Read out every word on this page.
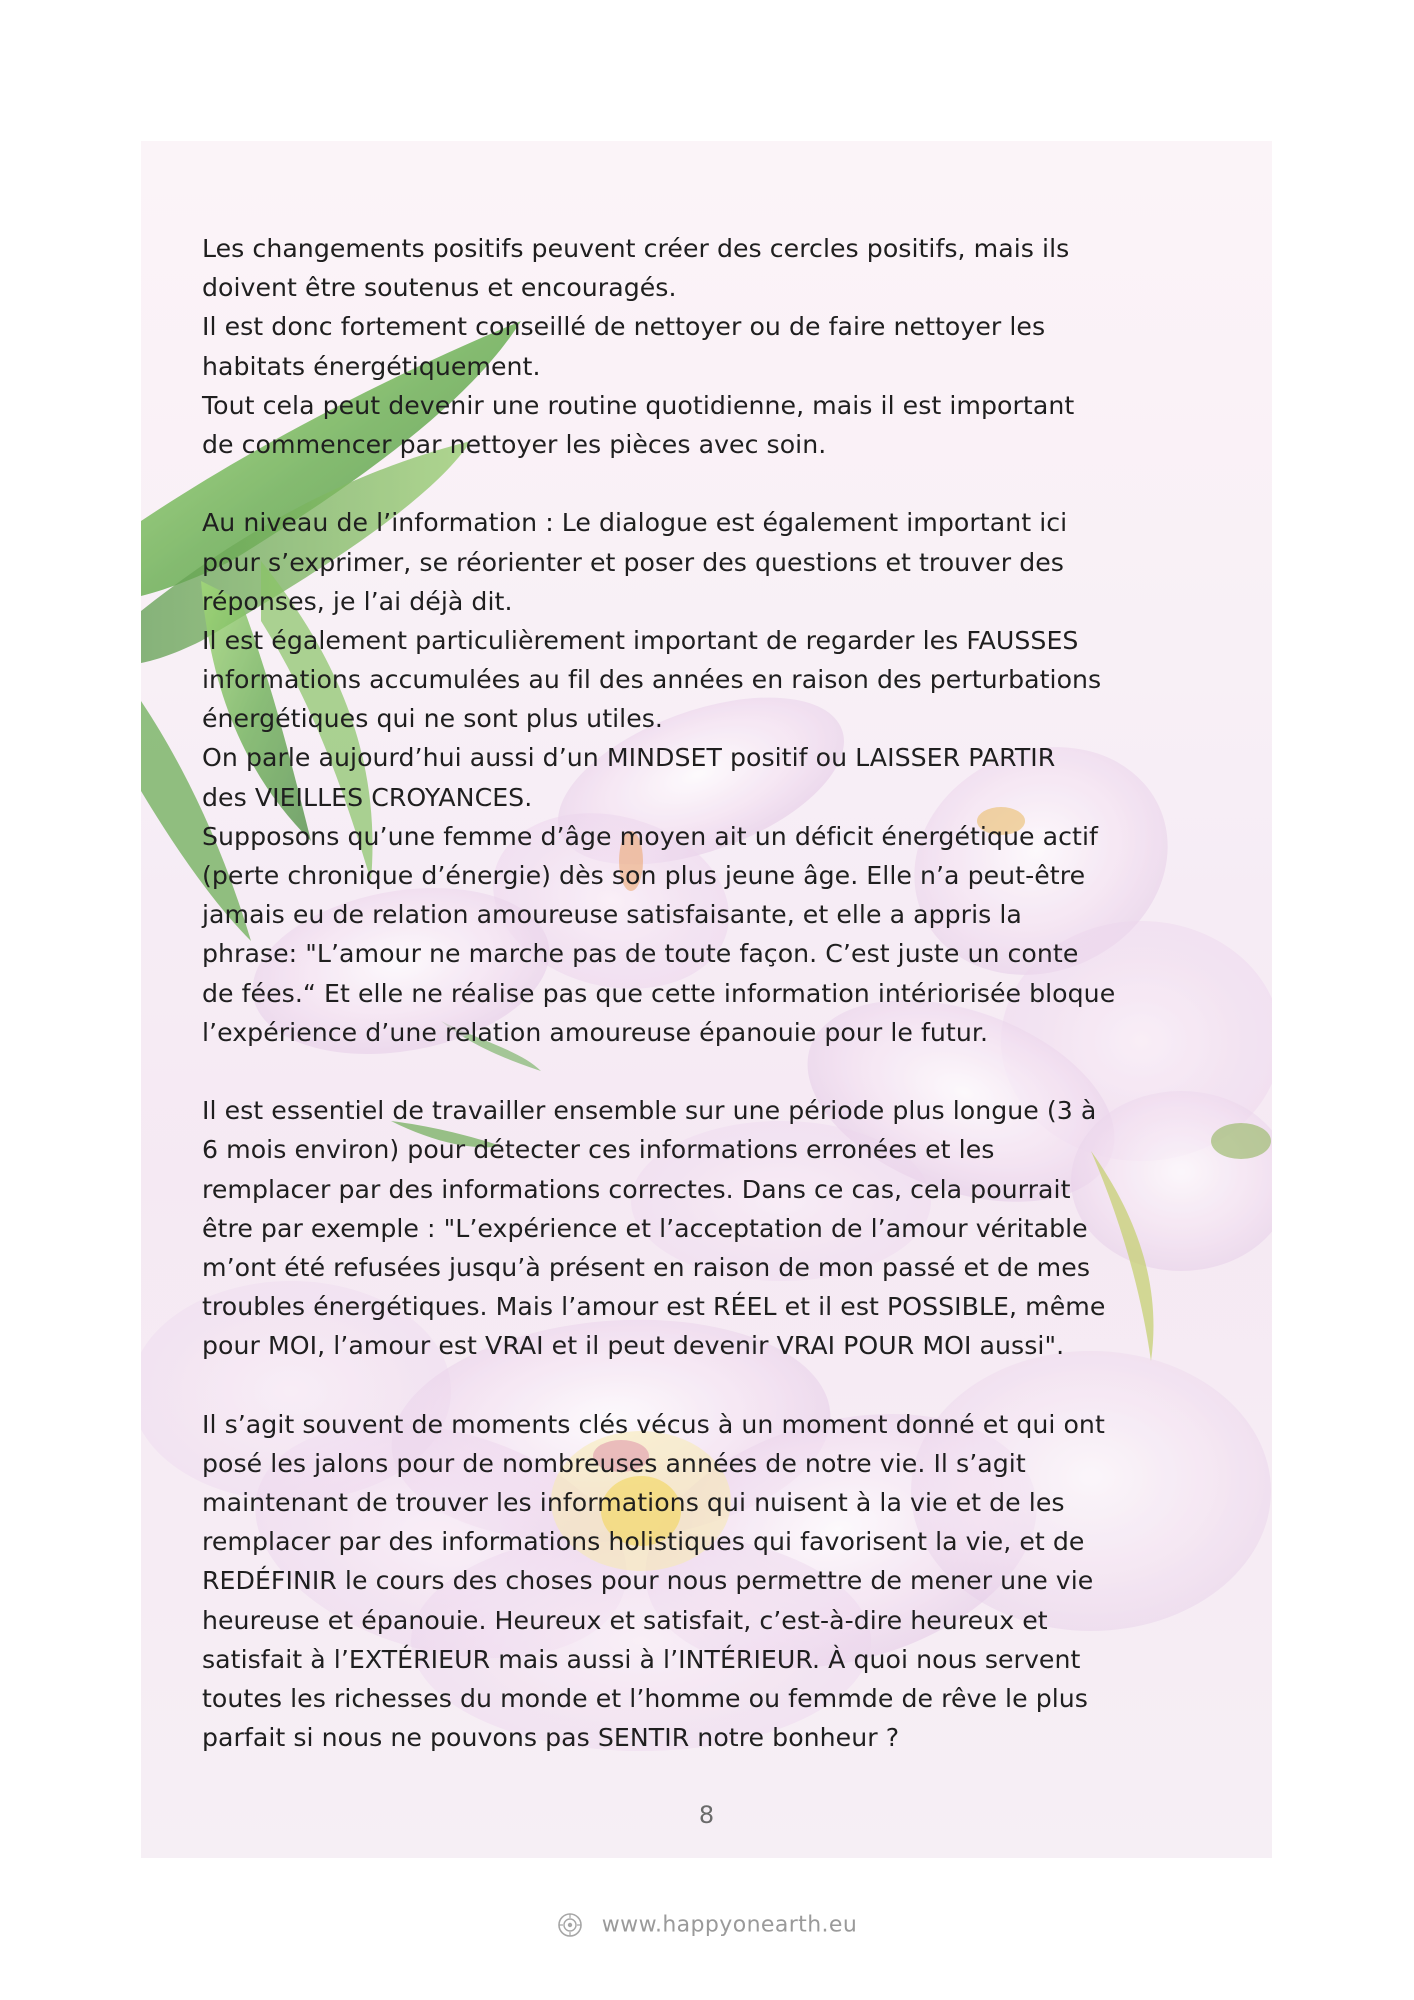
Les changements positifs peuvent créer des cercles positifs, mais ils
doivent être soutenus et encouragés.
Il est donc fortement conseillé de nettoyer ou de faire nettoyer les
habitats énergétiquement.
Tout cela peut devenir une routine quotidienne, mais il est important
de commencer par nettoyer les pièces avec soin.
Au niveau de l’information : Le dialogue est également important ici
pour s’exprimer, se réorienter et poser des questions et trouver des
réponses, je l’ai déjà dit.
Il est également particulièrement important de regarder les FAUSSES
informations accumulées au fil des années en raison des perturbations
énergétiques qui ne sont plus utiles.
On parle aujourd’hui aussi d’un MINDSET positif ou LAISSER PARTIR
des VIEILLES CROYANCES.
Supposons qu’une femme d’âge moyen ait un déficit énergétique actif
(perte chronique d’énergie) dès son plus jeune âge. Elle n’a peut-être
jamais eu de relation amoureuse satisfaisante, et elle a appris la
phrase: "L’amour ne marche pas de toute façon. C’est juste un conte
de fées.“ Et elle ne réalise pas que cette information intériorisée bloque
l’expérience d’une relation amoureuse épanouie pour le futur.
Il est essentiel de travailler ensemble sur une période plus longue (3 à
6 mois environ) pour détecter ces informations erronées et les
remplacer par des informations correctes. Dans ce cas, cela pourrait
être par exemple : "L’expérience et l’acceptation de l’amour véritable
m’ont été refusées jusqu’à présent en raison de mon passé et de mes
troubles énergétiques. Mais l’amour est RÉEL et il est POSSIBLE, même
pour MOI, l’amour est VRAI et il peut devenir VRAI POUR MOI aussi".
Il s’agit souvent de moments clés vécus à un moment donné et qui ont
posé les jalons pour de nombreuses années de notre vie. Il s’agit
maintenant de trouver les informations qui nuisent à la vie et de les
remplacer par des informations holistiques qui favorisent la vie, et de
REDÉFINIR le cours des choses pour nous permettre de mener une vie
heureuse et épanouie. Heureux et satisfait, c’est-à-dire heureux et
satisfait à l’EXTÉRIEUR mais aussi à l’INTÉRIEUR. À quoi nous servent
toutes les richesses du monde et l’homme ou femmde de rêve le plus
parfait si nous ne pouvons pas SENTIR notre bonheur ?
8
www.happyonearth.eu
